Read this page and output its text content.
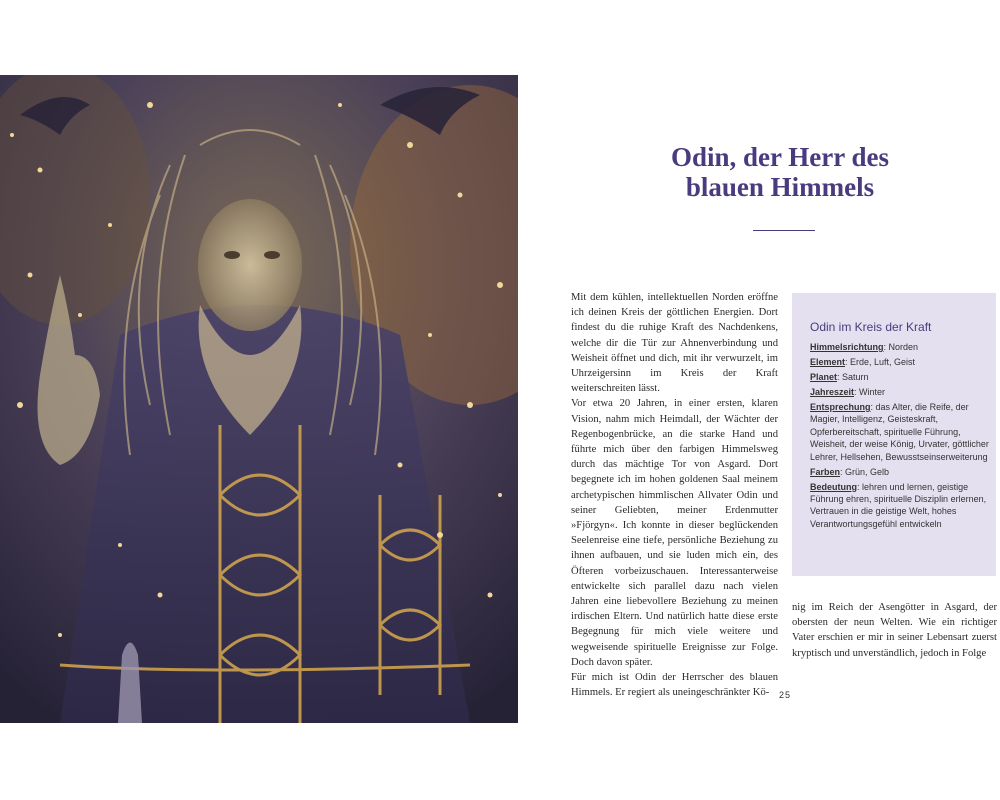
Odin, der Herr des
blauen Himmels

Mit dem kühlen, intellektuellen Norden eröffne ich deinen Kreis der göttlichen Energien. Dort findest du die ruhige Kraft des Nachdenkens, welche dir die Tür zur Ahnenverbindung und Weisheit öffnet und dich, mit ihr verwurzelt, im Uhrzeigersinn im Kreis der Kraft weiterschreiten lässt.

Vor etwa 20 Jahren, in einer ersten, klaren Vision, nahm mich Heimdall, der Wächter der Regenbogenbrücke, an die starke Hand und führte mich über den farbigen Himmelsweg durch das mächtige Tor von Asgard. Dort begegnete ich im hohen goldenen Saal meinem archetypischen himmlischen Allvater Odin und seiner Geliebten, meiner Erdenmutter »Fjörgyn«. Ich konnte in dieser beglückenden Seelenreise eine tiefe, persönliche Beziehung zu ihnen aufbauen, und sie luden mich ein, des Öfteren vorbeizuschauen. Interessanterweise entwickelte sich parallel dazu nach vielen Jahren eine liebevollere Beziehung zu meinen irdischen Eltern. Und natürlich hatte diese erste Begegnung für mich viele weitere und wegweisende spirituelle Ereignisse zur Folge. Doch davon später.

Für mich ist Odin der Herrscher des blauen Himmels. Er regiert als uneingeschränkter Kö-

Odin im Kreis der Kraft
Himmelsrichtung: Norden
Element: Erde, Luft, Geist
Planet: Saturn
Jahreszeit: Winter
Entsprechung: das Alter, die Reife, der Magier, Intelligenz, Geisteskraft, Opferbereitschaft, spirituelle Führung, Weisheit, der weise König, Urvater, göttlicher Lehrer, Hellsehen, Bewusstseinserweiterung
Farben: Grün, Gelb
Bedeutung: lehren und lernen, geistige Führung ehren, spirituelle Disziplin erlernen, Vertrauen in die geistige Welt, hohes Verantwortungsgefühl entwickeln

nig im Reich der Asengötter in Asgard, der obersten der neun Welten. Wie ein richtiger Vater erschien er mir in seiner Lebensart zuerst kryptisch und unverständlich, jedoch in Folge

25
